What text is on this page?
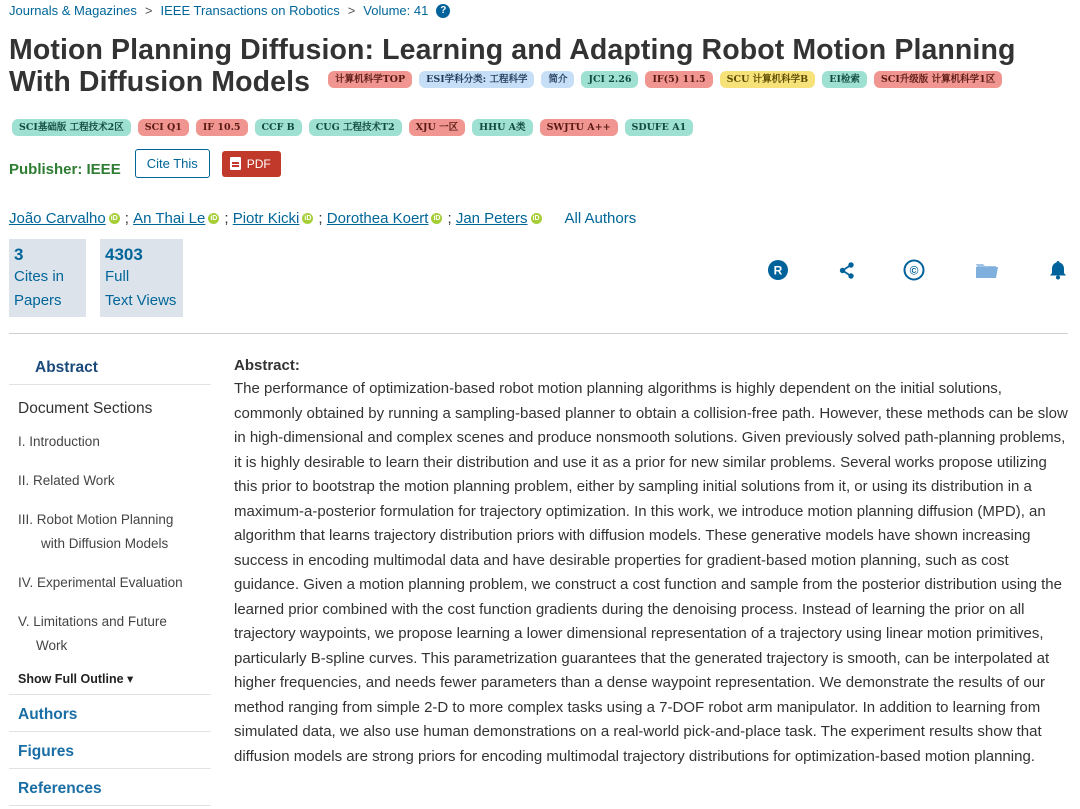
Journals & Magazines > IEEE Transactions on Robotics > Volume: 41	?
Motion Planning Diffusion: Learning and Adapting Robot Motion Planning With Diffusion Models	计算机科学TOP	ESI学科分类: 工程科学	简介	JCI 2.26	IF(5) 11.5	SCU 计算机科学B	EI检索	SCI升级版 计算机科学1区
SCI基础版 工程技术2区	SCI Q1	IF 10.5	CCF B	CUG 工程技术T2	XJU 一区	HHU A类	SWJTU A++	SDUFE A1
Publisher: IEEE	Cite This	PDF
João Carvalho iD ;
An Thai Le iD ;
Piotr Kicki iD ;
Dorothea Koert iD ;
Jan Peters iD All Authors
3
Cites in
Papers
4303
Full
Text Views
R	©
Abstract
Document Sections
I. Introduction
II. Related Work
III. Robot Motion Planning
with Diffusion Models
IV. Experimental Evaluation
V. Limitations and Future
Work
Show Full Outline ▾
Authors
Figures
References
Abstract:
The performance of optimization-based robot motion planning algorithms is highly dependent on the initial solutions, commonly obtained by running a sampling-based planner to obtain a collision-free path. However, these methods can be slow in high-dimensional and complex scenes and produce nonsmooth solutions. Given previously solved path-planning problems, it is highly desirable to learn their distribution and use it as a prior for new similar problems. Several works propose utilizing this prior to bootstrap the motion planning problem, either by sampling initial solutions from it, or using its distribution in a maximum-a-posterior formulation for trajectory optimization. In this work, we introduce motion planning diffusion (MPD), an algorithm that learns trajectory distribution priors with diffusion models. These generative models have shown increasing success in encoding multimodal data and have desirable properties for gradient-based motion planning, such as cost guidance. Given a motion planning problem, we construct a cost function and sample from the posterior distribution using the learned prior combined with the cost function gradients during the denoising process. Instead of learning the prior on all trajectory waypoints, we propose learning a lower dimensional representation of a trajectory using linear motion primitives, particularly B-spline curves. This parametrization guarantees that the generated trajectory is smooth, can be interpolated at higher frequencies, and needs fewer parameters than a dense waypoint representation. We demonstrate the results of our method ranging from simple 2-D to more complex tasks using a 7-DOF robot arm manipulator. In addition to learning from simulated data, we also use human demonstrations on a real-world pick-and-place task. The experiment results show that diffusion models are strong priors for encoding multimodal trajectory distributions for optimization-based motion planning.
